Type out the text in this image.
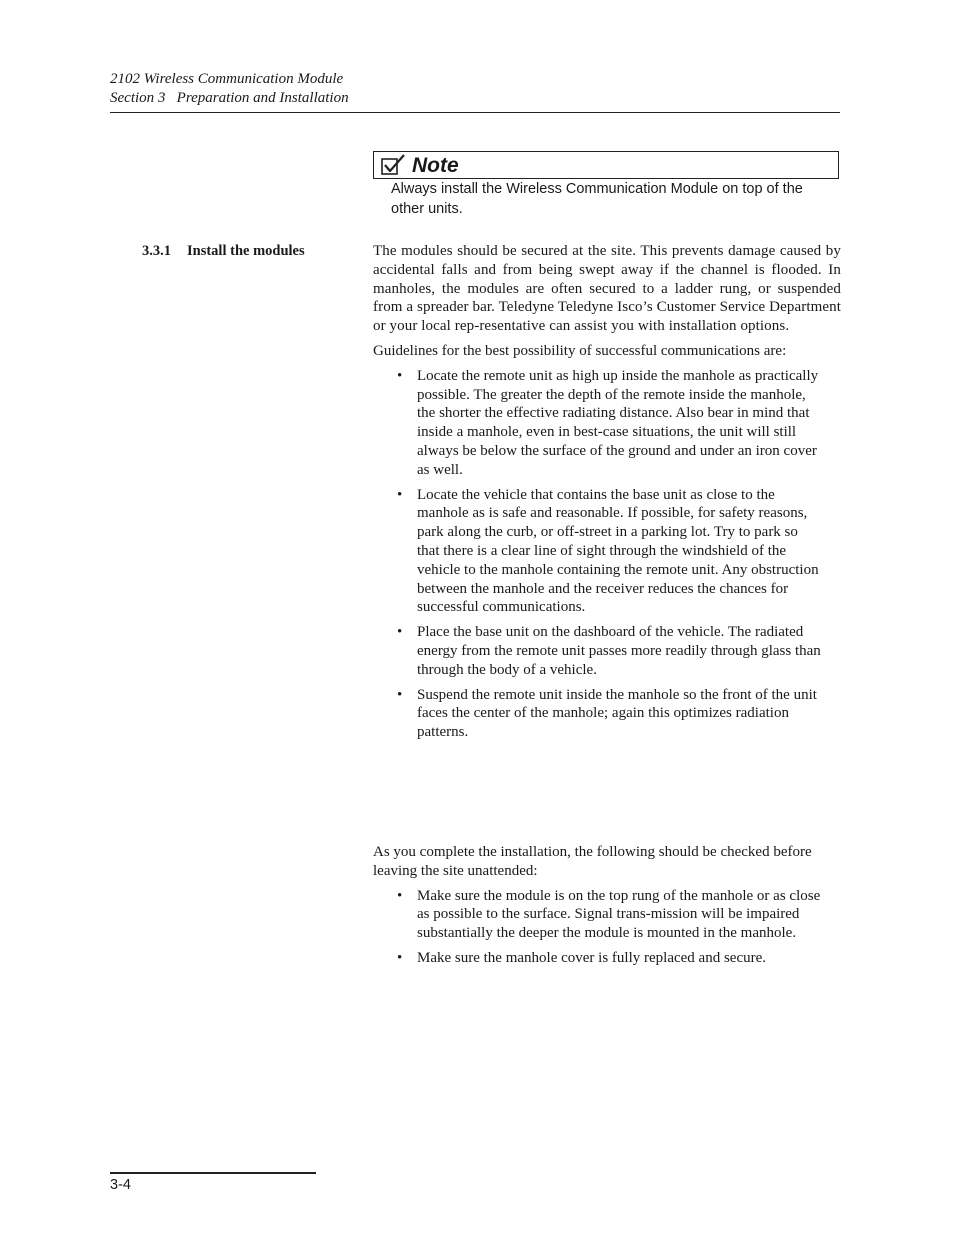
2102 Wireless Communication Module
Section 3   Preparation and Installation
Note
Always install the Wireless Communication Module on top of the other units.
3.3.1 Install the modules	The modules should be secured at the site. This prevents damage caused by accidental falls and from being swept away if the channel is flooded. In manholes, the modules are often secured to a ladder rung, or suspended from a spreader bar. Teledyne Teledyne Isco’s Customer Service Department or your local rep-resentative can assist you with installation options.

Guidelines for the best possibility of successful communications are:

• Locate the remote unit as high up inside the manhole as practically possible. The greater the depth of the remote inside the manhole, the shorter the effective radiating distance. Also bear in mind that inside a manhole, even in best-case situations, the unit will still always be below the surface of the ground and under an iron cover as well.
• Locate the vehicle that contains the base unit as close to the manhole as is safe and reasonable. If possible, for safety reasons, park along the curb, or off-street in a parking lot. Try to park so that there is a clear line of sight through the windshield of the vehicle to the manhole containing the remote unit. Any obstruction between the manhole and the receiver reduces the chances for successful communications.
• Place the base unit on the dashboard of the vehicle. The radiated energy from the remote unit passes more readily through glass than through the body of a vehicle.
• Suspend the remote unit inside the manhole so the front of the unit faces the center of the manhole; again this optimizes radiation patterns.

As you complete the installation, the following should be checked before leaving the site unattended:

• Make sure the module is on the top rung of the manhole or as close as possible to the surface. Signal trans-mission will be impaired substantially the deeper the module is mounted in the manhole.
• Make sure the manhole cover is fully replaced and secure.
3-4
